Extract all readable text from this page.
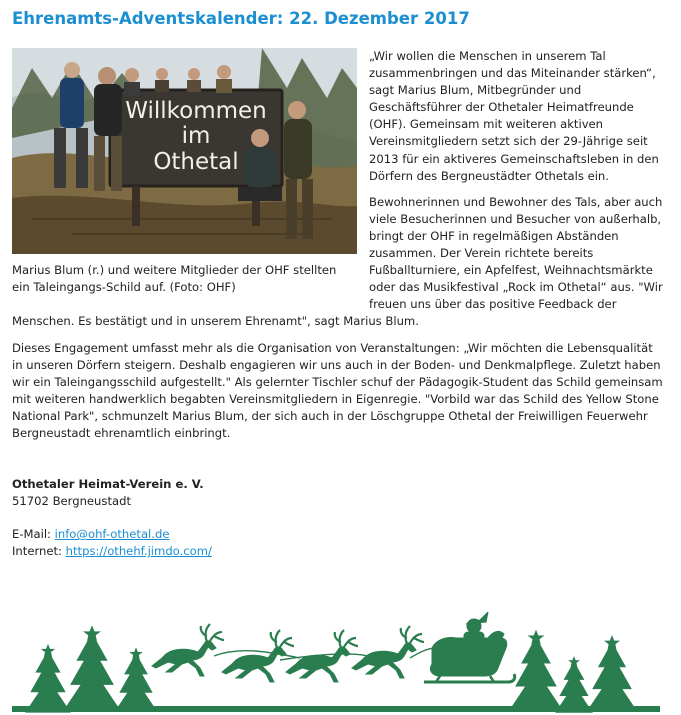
Ehrenamts-Adventskalender: 22. Dezember 2017
Willkommen
im
Othetal
Marius Blum (r.) und weitere Mitglieder der OHF stellten ein Taleingangs-Schild auf. (Foto: OHF)

„Wir wollen die Menschen in unserem Tal zusammenbringen und das Miteinander stärken“, sagt Marius Blum, Mitbegründer und Geschäftsführer der Othetaler Heimatfreunde (OHF). Gemeinsam mit weiteren aktiven Vereinsmitgliedern setzt sich der 29-Jährige seit 2013 für ein aktiveres Gemeinschaftsleben in den Dörfern des Bergneustädter Othetals ein.

Bewohnerinnen und Bewohner des Tals, aber auch viele Besucherinnen und Besucher von außerhalb, bringt der OHF in regelmäßigen Abständen zusammen. Der Verein richtete bereits Fußballturniere, ein Apfelfest, Weihnachtsmärkte oder das Musikfestival „Rock im Othetal“ aus. "Wir freuen uns über das positive Feedback der Menschen. Es bestätigt und in unserem Ehrenamt", sagt Marius Blum.

Dieses Engagement umfasst mehr als die Organisation von Veranstaltungen: „Wir möchten die Lebensqualität in unseren Dörfern steigern. Deshalb engagieren wir uns auch in der Boden- und Denkmalpflege. Zuletzt haben wir ein Taleingangsschild aufgestellt." Als gelernter Tischler schuf der Pädagogik-Student das Schild gemeinsam mit weiteren handwerklich begabten Vereinsmitgliedern in Eigenregie. "Vorbild war das Schild des Yellow Stone National Park", schmunzelt Marius Blum, der sich auch in der Löschgruppe Othetal der Freiwilligen Feuerwehr Bergneustadt ehrenamtlich einbringt.

Othetaler Heimat-Verein e. V.
51702 Bergneustadt
E-Mail: info@ohf-othetal.de
Internet: https://othehf.jimdo.com/
